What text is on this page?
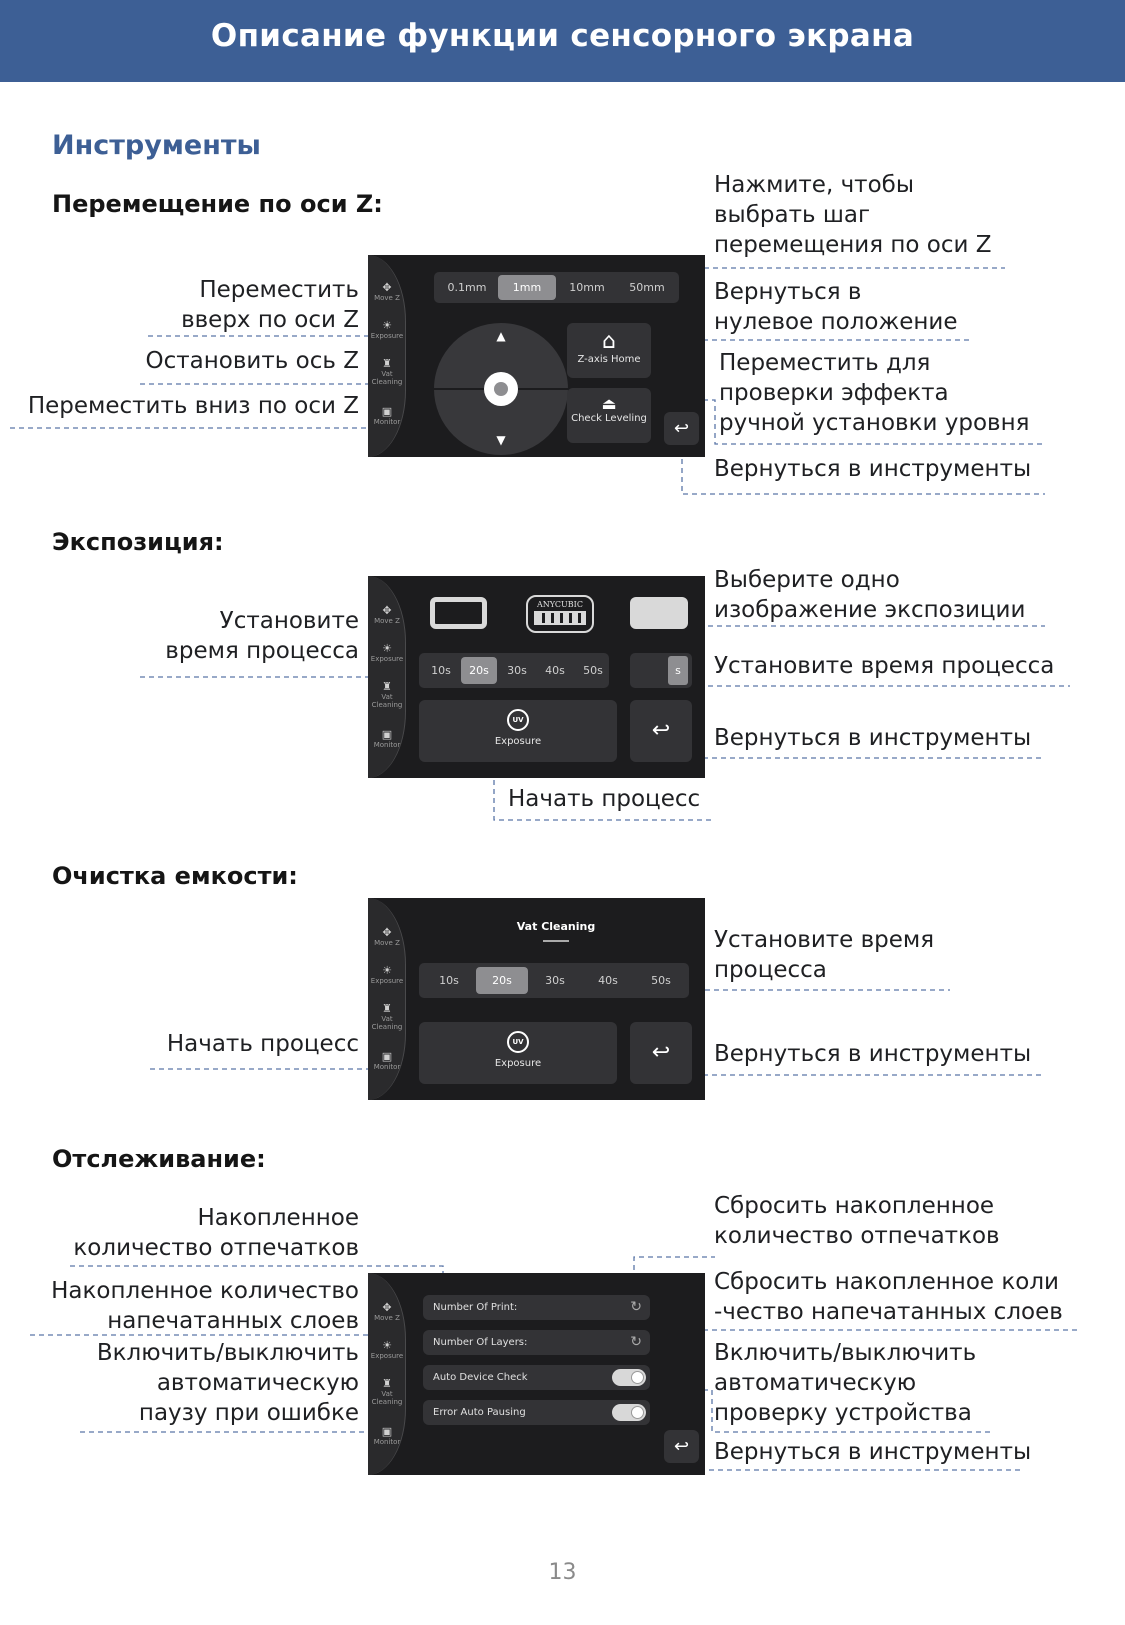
Описание функции сенсорного экрана
Инструменты
Перемещение по оси Z:
Переместить
вверх по оси Z
Остановить ось Z
Переместить вниз по оси Z
Нажмите, чтобы
выбрать шаг
перемещения по оси Z
Вернуться в
нулевое положение
Переместить для
проверки эффекта
ручной установки уровня
Вернуться в инструменты
✥
Move Z
☀
Exposure
♜
Vat Cleaning
▣
Monitor
0.1mm	1mm	10mm	50mm
▲
▼
⌂
Z-axis Home
⏏
Check Leveling	↩
Экспозиция:
Установите
время процесса
Выберите одно
изображение экспозиции
Установите время процесса
Вернуться в инструменты
Начать процесс
✥
Move Z
☀
Exposure
♜
Vat Cleaning
▣
Monitor
ANYCUBIC
10s	20s	30s	40s	50s	s
UV
Exposure	↩
Очистка емкости:
Начать процесс
Установите время
процесса
Вернуться в инструменты
✥
Move Z
☀
Exposure
♜
Vat Cleaning
▣
Monitor
Vat Cleaning
10s	20s	30s	40s	50s
UV
Exposure	↩
Отслеживание:
Накопленное
количество отпечатков
Накопленное количество
напечатанных слоев
Включить/выключить
автоматическую
паузу при ошибке
Сбросить накопленное
количество отпечатков
Сбросить накопленное коли
-чество напечатанных слоев
Включить/выключить
автоматическую
проверку устройства
Вернуться в инструменты
✥
Move Z
☀
Exposure
♜
Vat Cleaning
▣
Monitor
Number Of Print:	↻
Number Of Layers:	↻
Auto Device Check
Error Auto Pausing
↩
13
